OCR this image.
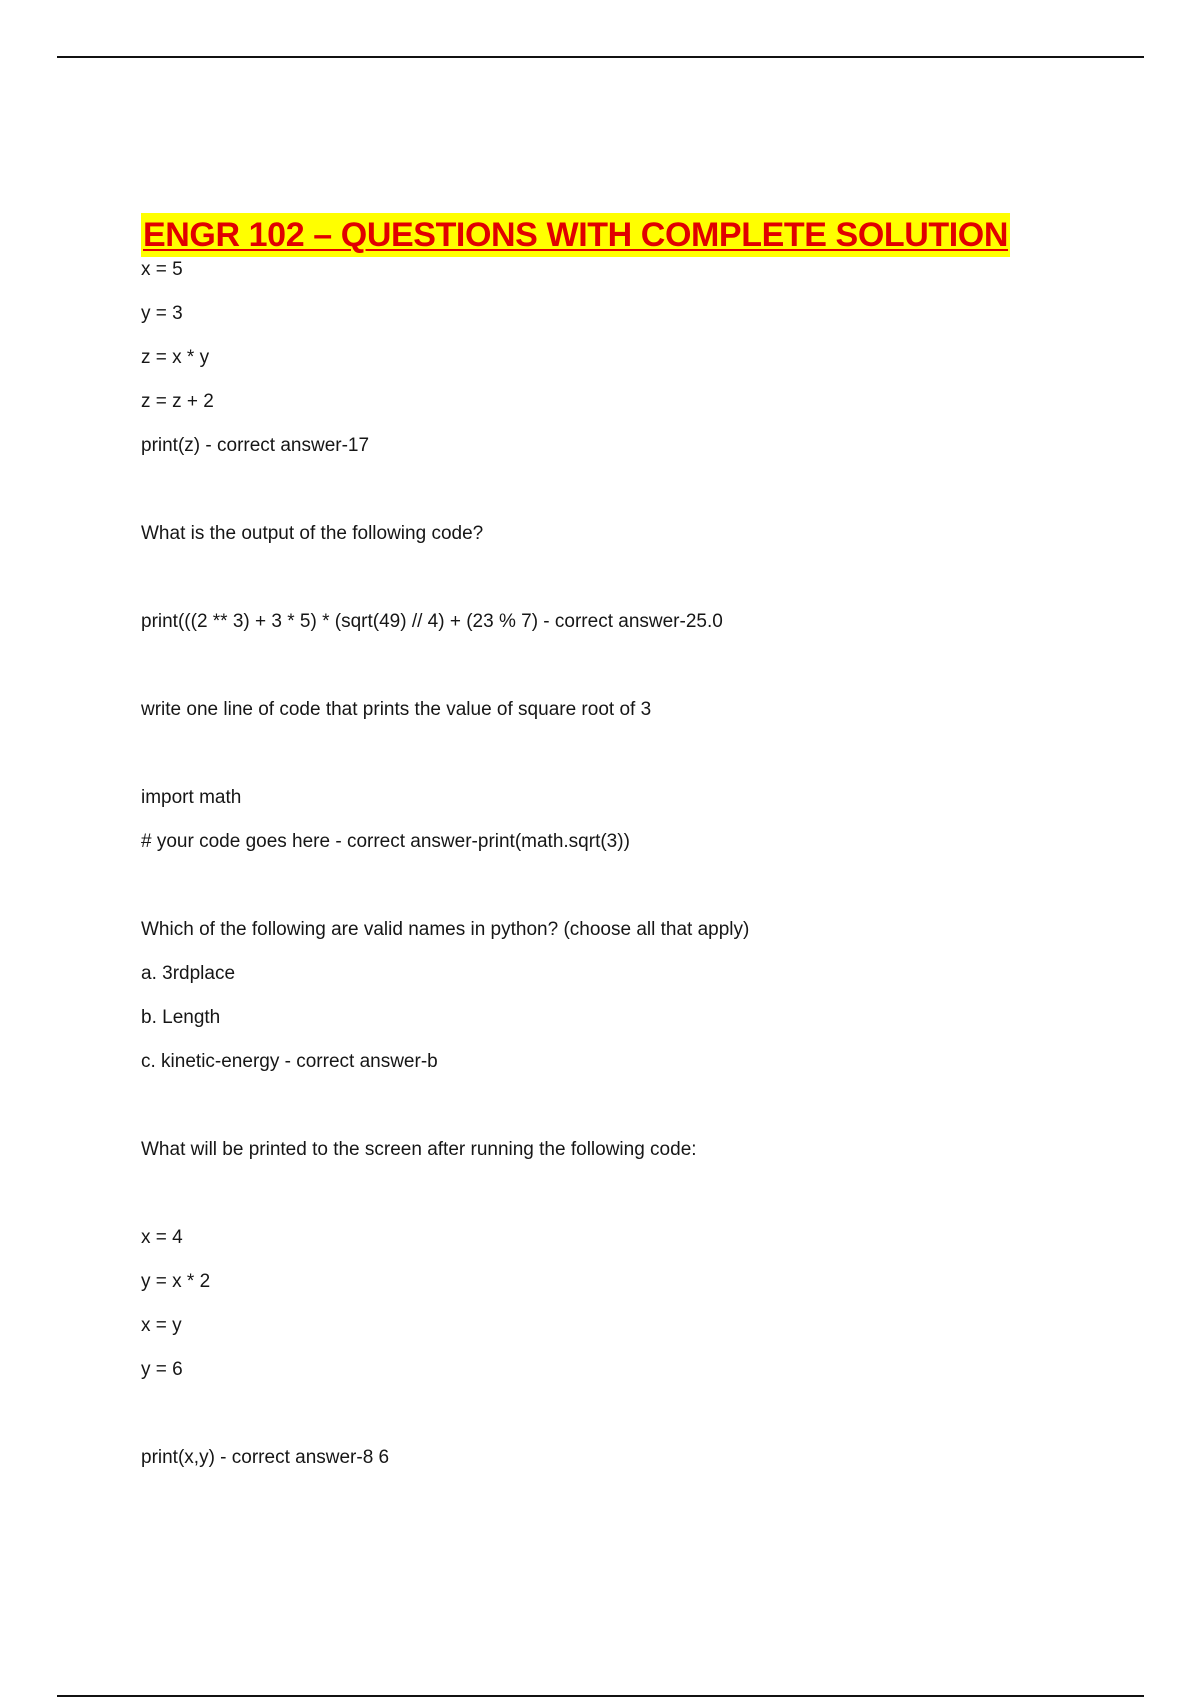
ENGR 102 – QUESTIONS WITH COMPLETE SOLUTION
x = 5
y = 3
z = x * y
z = z + 2
print(z) - correct answer-17
What is the output of the following code?
print(((2 ** 3) + 3 * 5) * (sqrt(49) // 4) + (23 % 7) - correct answer-25.0
write one line of code that prints the value of square root of 3
import math
# your code goes here - correct answer-print(math.sqrt(3))
Which of the following are valid names in python? (choose all that apply)
a. 3rdplace
b. Length
c. kinetic-energy - correct answer-b
What will be printed to the screen after running the following code:
x = 4
y = x * 2
x = y
y = 6
print(x,y) - correct answer-8 6
